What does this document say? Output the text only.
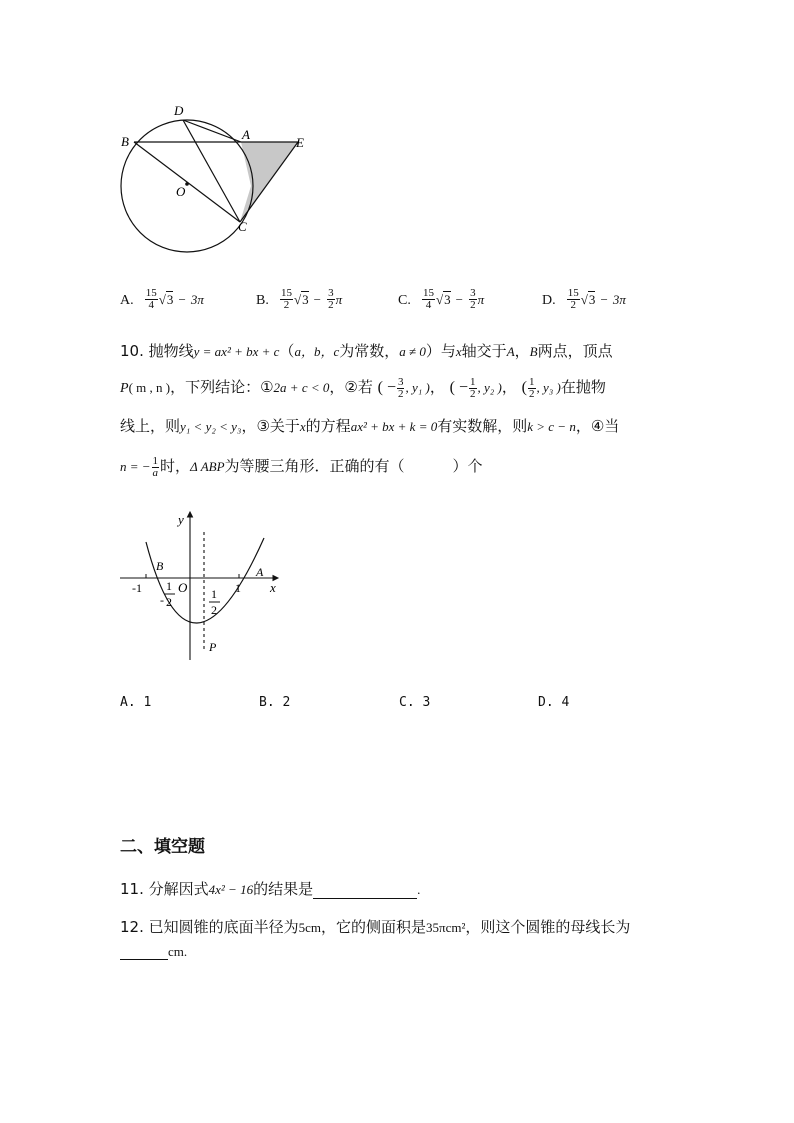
D
A
B	E
O
C
A. $\frac{15}{4} √3 - 3\pi$	B. $\frac{15}{2} √3 - \frac{3}{2}$ π	C. $\frac{15}{4} √3 - \frac{3}{2}$ π	D. $\frac{15}{2} √3 - 3\pi$
10. 抛物线y = ax² + bx + c（a，b，c为常数，a ≠ 0）与x轴交于A，B两点，顶点
P( m , n )，下列结论：①2a + c < 0，②若 ( − $\frac{3}{2}$ , y₁ )， ( − $\frac{1}{2}$ , y₂ )， ( $\frac{1}{2}$ , y₃ )在抛物
线上，则y₁ < y₂ < y₃，③关于x的方程ax² + bx + k = 0有实数解，则k > c − n，④当
n = − $\frac{1}{a}$ 时，Δ ABP为等腰三角形．正确的有（	）个
y
x
O
B	A
P
-1	1
-
1
2
1
2
A. 1	B. 2	C. 3	D. 4
二、填空题
11. 分解因式4x² − 16的结果是	.
12. 已知圆锥的底面半径为5cm，它的侧面积是35πcm²，则这个圆锥的母线长为
cm.
